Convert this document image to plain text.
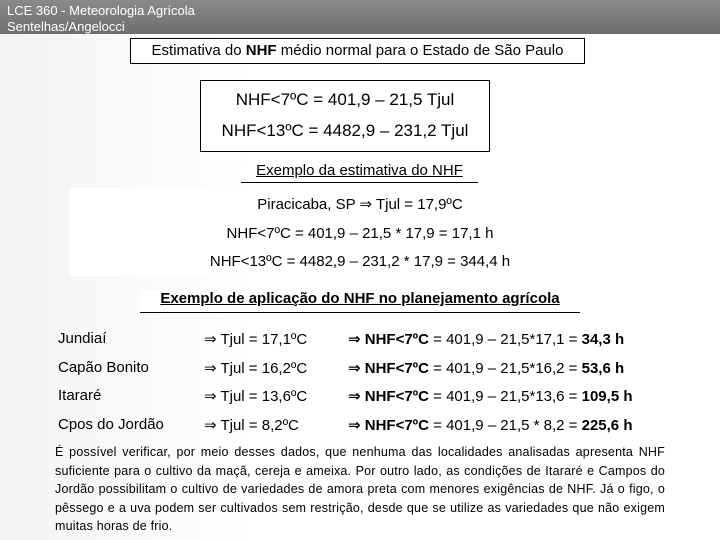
LCE 360 - Meteorologia Agrícola
Sentelhas/Angelocci
Estimativa do NHF médio normal para o Estado de São Paulo
NHF<7ºC = 401,9 – 21,5 Tjul
NHF<13ºC = 4482,9 – 231,2 Tjul
Exemplo da estimativa do NHF
Piracicaba, SP ⇒ Tjul = 17,9ºC
NHF<7ºC = 401,9 – 21,5 * 17,9 = 17,1 h
NHF<13ºC = 4482,9 – 231,2 * 17,9 = 344,4 h
Exemplo de aplicação do NHF no planejamento agrícola
Jundiaí	⇒ Tjul = 17,1ºC	⇒ NHF<7ºC = 401,9 – 21,5*17,1 = 34,3 h
Capão Bonito	⇒ Tjul = 16,2ºC	⇒ NHF<7ºC = 401,9 – 21,5*16,2 = 53,6 h
Itararé	⇒ Tjul = 13,6ºC	⇒ NHF<7ºC = 401,9 – 21,5*13,6 = 109,5 h
Cpos do Jordão	⇒ Tjul = 8,2ºC	⇒ NHF<7ºC = 401,9 – 21,5 * 8,2 = 225,6 h
É possível verificar, por meio desses dados, que nenhuma das localidades analisadas apresenta NHF suficiente para o cultivo da maçã, cereja e ameixa. Por outro lado, as condições de Itararé e Campos do Jordão possibilitam o cultivo de variedades de amora preta com menores exigências de NHF. Já o figo, o pêssego e a uva podem ser cultivados sem restrição, desde que se utilize as variedades que não exigem muitas horas de frio.
